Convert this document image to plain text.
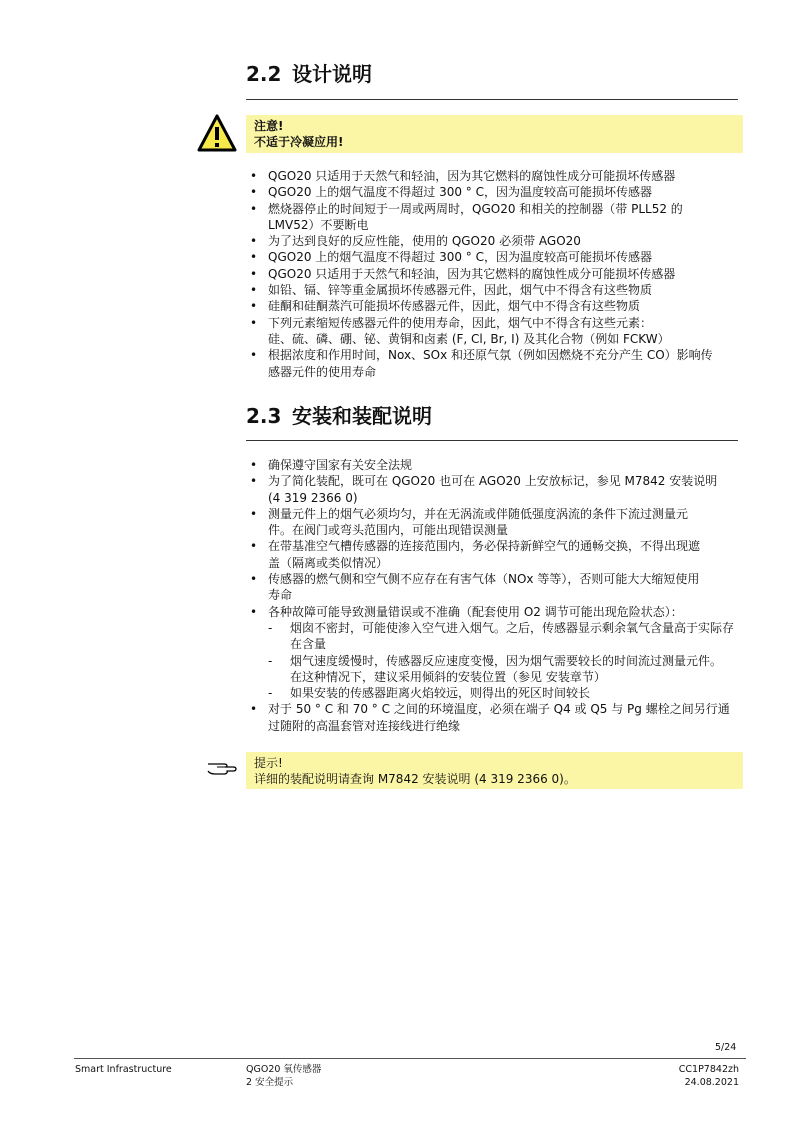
2.2 设计说明
注意!
不适于冷凝应用!
• QGO20 只适用于天然气和轻油，因为其它燃料的腐蚀性成分可能损坏传感器
• QGO20 上的烟气温度不得超过 300 ° C，因为温度较高可能损坏传感器
• 燃烧器停止的时间短于一周或两周时，QGO20 和相关的控制器（带 PLL52 的
LMV52）不要断电
• 为了达到良好的反应性能，使用的 QGO20 必须带 AGO20
• QGO20 上的烟气温度不得超过 300 ° C，因为温度较高可能损坏传感器
• QGO20 只适用于天然气和轻油，因为其它燃料的腐蚀性成分可能损坏传感器
• 如铅、镉、锌等重金属损坏传感器元件，因此，烟气中不得含有这些物质
• 硅酮和硅酮蒸汽可能损坏传感器元件，因此，烟气中不得含有这些物质
• 下列元素缩短传感器元件的使用寿命，因此，烟气中不得含有这些元素：
硅、硫、磷、硼、铋、黄铜和卤素 (F, Cl, Br, I) 及其化合物（例如 FCKW）
• 根据浓度和作用时间，Nox、SOx 和还原气氛（例如因燃烧不充分产生 CO）影响传
感器元件的使用寿命
2.3 安装和装配说明
• 确保遵守国家有关安全法规
• 为了简化装配，既可在 QGO20 也可在 AGO20 上安放标记，参见 M7842 安装说明
(4 319 2366 0)
• 测量元件上的烟气必须均匀，并在无涡流或伴随低强度涡流的条件下流过测量元
件。在阀门或弯头范围内，可能出现错误测量
• 在带基准空气槽传感器的连接范围内，务必保持新鲜空气的通畅交换，不得出现遮
盖（隔离或类似情况）
• 传感器的燃气侧和空气侧不应存在有害气体（NOx 等等），否则可能大大缩短使用
寿命
• 各种故障可能导致测量错误或不准确（配套使用 O2 调节可能出现危险状态）：
- 烟囱不密封，可能使渗入空气进入烟气。之后，传感器显示剩余氧气含量高于实际存
在含量
- 烟气速度缓慢时，传感器反应速度变慢，因为烟气需要较长的时间流过测量元件。
在这种情况下，建议采用倾斜的安装位置（参见 安装章节）
- 如果安装的传感器距离火焰较远，则得出的死区时间较长
• 对于 50 ° C 和 70 ° C 之间的环境温度，必须在端子 Q4 或 Q5 与 Pg 螺栓之间另行通
过随附的高温套管对连接线进行绝缘
提示!
详细的装配说明请查询 M7842 安装说明 (4 319 2366 0)。
5/24
Smart Infrastructure	QGO20 氧传感器
2 安全提示
CC1P7842zh
24.08.2021
